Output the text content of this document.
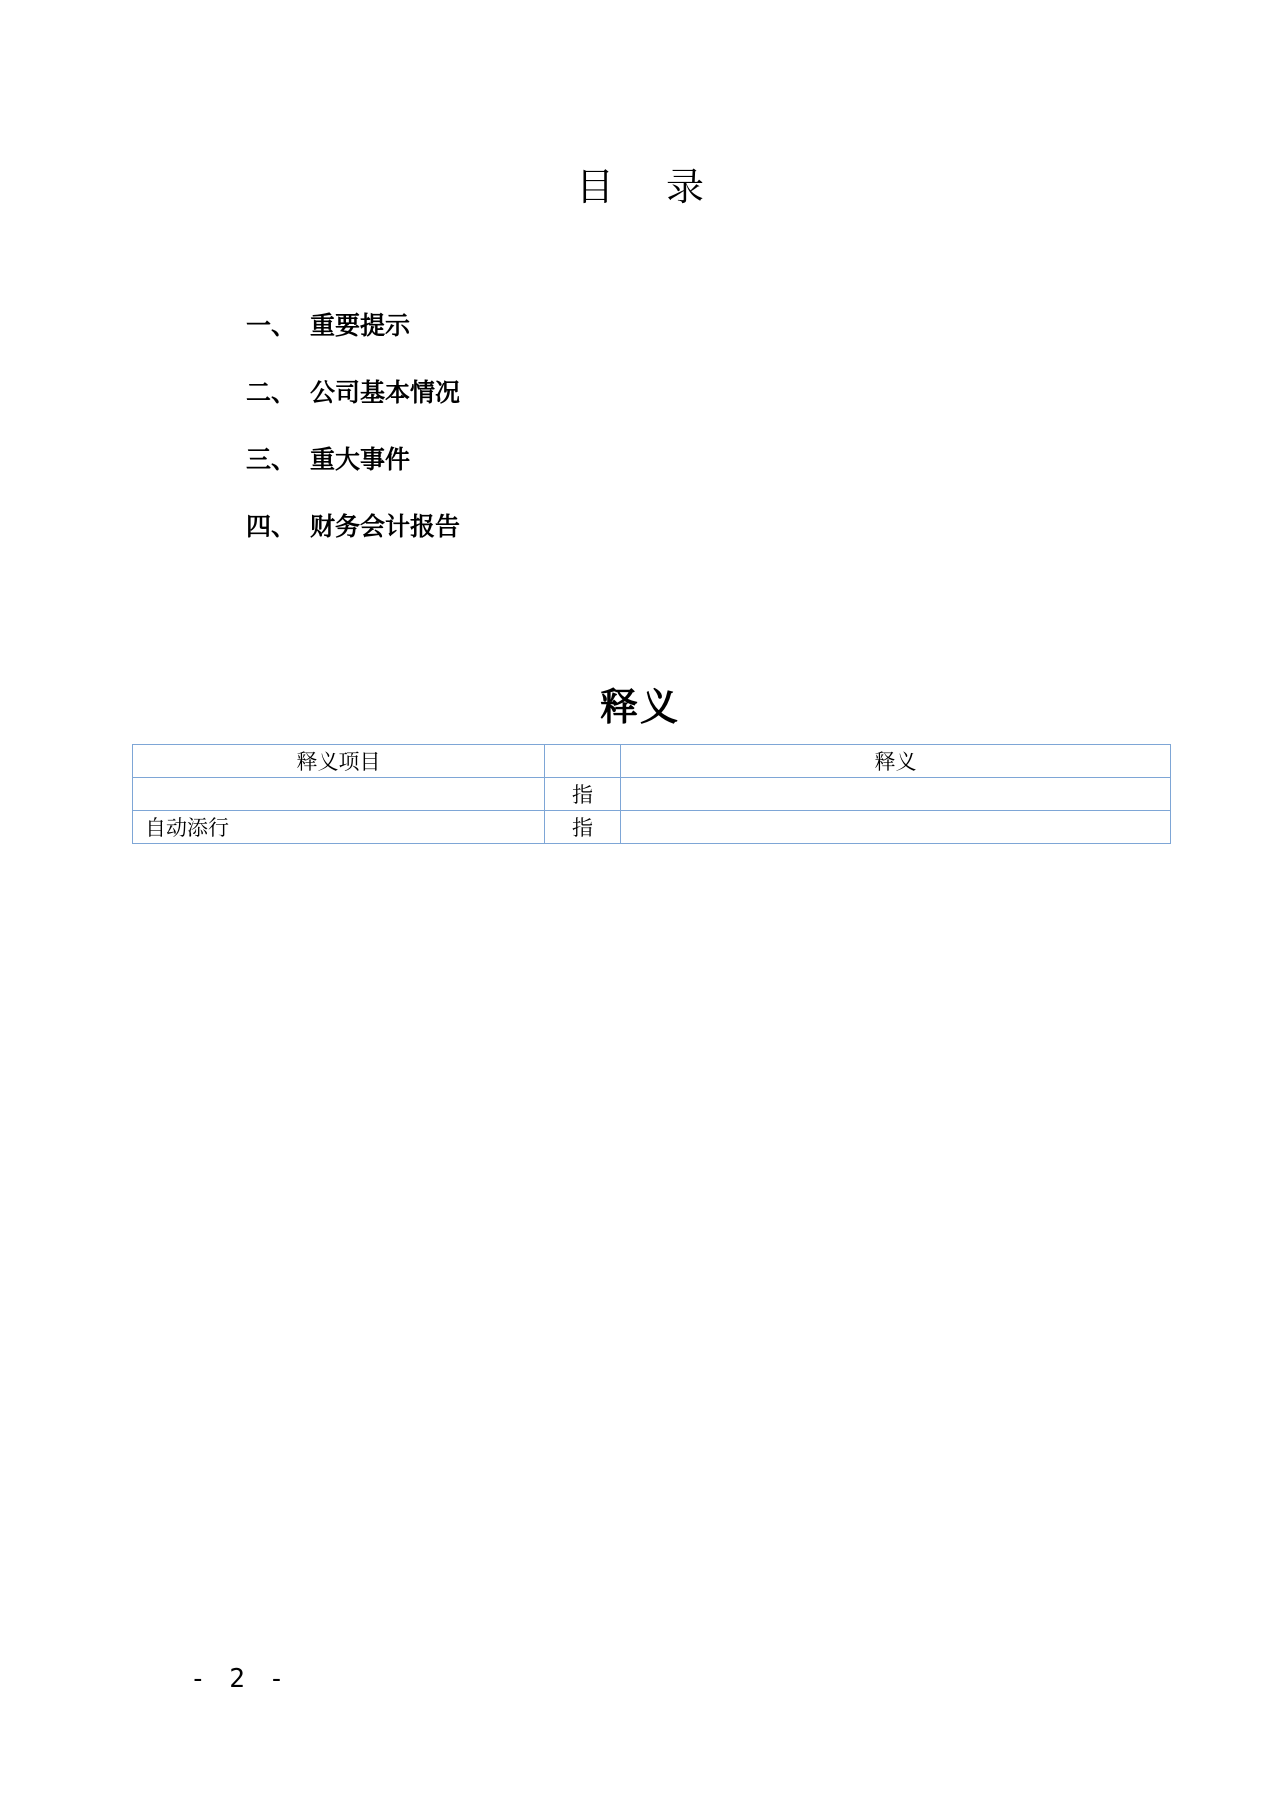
目 录
一、 重要提示
二、 公司基本情况
三、 重大事件
四、 财务会计报告
释义
释义项目		释义
	指	
自动添行	指	
- 2 -
